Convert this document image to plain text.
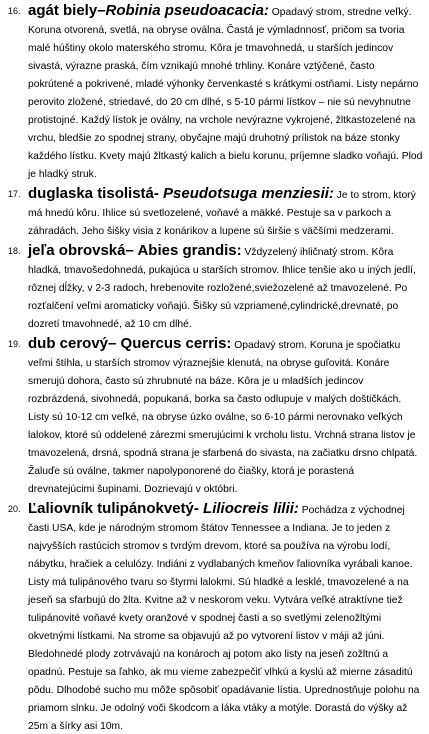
16. agát biely–Robinia pseudoacacia: Opadavý strom, stredne veľký. Koruna otvorená, svetlá, na obryse oválna. Častá je výmladnnosť, pričom sa tvoria malé húštiny okolo materského stromu. Kôra je tmavohnedá, u starších jedincov sivastá, výrazne praská, čím vznikajú mnohé trhliny. Konáre vztýčené, často pokrútené a pokrivené, mladé výhonky červenkasté s krátkymi ostňami. Listy nepárno perovito zložené, striedavé, do 20 cm dlhé, s 5-10 pármi lístkov – nie sú nevyhnutne protistojné. Každý lístok je oválny, na vrchole nevýrazne vykrojené, žltkastozelené na vrchu, bledšie zo spodnej strany, obyčajne majú druhotný prílistok na báze stonky každého lístku. Kvety majú žltkastý kalich a bielu korunu, príjemne sladko voňajú. Plod je hladký struk.

17. duglaska tisolistá- Pseudotsuga menziesii: Je to strom, ktorý má hnedú kôru. Ihlice sú svetlozelené, voňavé a mäkké. Pestuje sa v parkoch a záhradách. Jeho šišky visia z konárikov a lupene sú širšie s väčšími medzerami.

18. jeľa obrovská– Abies grandis: Vždyzelený ihličnatý strom. Kôra hladká, tmavošedohnedá, pukajúca u starších stromov. Ihlice tenšie ako u iných jedlí, rôznej dĺžky, v 2-3 radoch, hrebenovite rozložené,sviežozelené až tmavozelené. Po rozťalčení veľmi aromaticky voňajú. Šišky sú vzpriamené,cylindrické,drevnaté, po dozretí tmavohnedé, až 10 cm dlhé.

19. dub cerový– Quercus cerris: Opadavý strom. Koruna je spočiatku veľmi štíhla, u starších stromov výraznejšie klenutá, na obryse guľovitá. Konáre smerujú dohora, často sú zhrubnuté na báze. Kôra je u mladších jedincov rozbrázdená, sivohnedá, popukaná, borka sa často odlupuje v malých doštičkách. Listy sú 10-12 cm veľké, na obryse úzko oválne, so 6-10 pármi nerovnako veľkých lalokov, ktoré sú oddelené zárezmi smerujúcimi k vrcholu listu. Vrchná strana listov je tmavozelená, drsná, spodná strana je sfarbená do sivasta, na začiatku drsno chlpatá. Žaluďe sú oválne, takmer napolyponorené do čiašky, ktorá je porastená drevnatejúcimi šupinami. Dozrievajú v októbri.

20. Ľaliovník tulipánokvetý- Liliocreis lilii: Pochádza z východnej časti USA, kde je národným stromom štátov Tennessee a Indiana. Je to jeden z najvyšších rastúcich stromov s tvrdým drevom, ktoré sa používa na výrobu lodí, nábytku, hračiek a celulózy. Indiáni z vydlabaných kmeňov ľaliovníka vyrábali kanoe. Listy má tulipánového tvaru so štyrmi lalokmi. Sú hladké a lesklé, tmavozelené a na jeseň sa sfarbujú do žlta. Kvitne až v neskorom veku. Vytvára veľké atraktívne tiež tulipánovité voňavé kvety oranžové v spodnej časti a so svetlými zelenožltými okvetnými lístkami. Na strome sa objavujú až po vytvorení listov v máji až júni. Bledohnedé plody zotrvávajú na konároch aj potom ako listy na jeseň zožltnú a opadnú. Pestuje sa ľahko, ak mu vieme zabezpečiť vlhkú a kyslú až mierne zásaditú pôdu. Dlhodobé sucho mu môže spôsobiť opadávanie lístia. Uprednostňuje polohu na priamom slnku. Je odolný voči škodcom a láka vtáky a motýle. Dorastá do výšky až 25m a šírky asi 10m.
